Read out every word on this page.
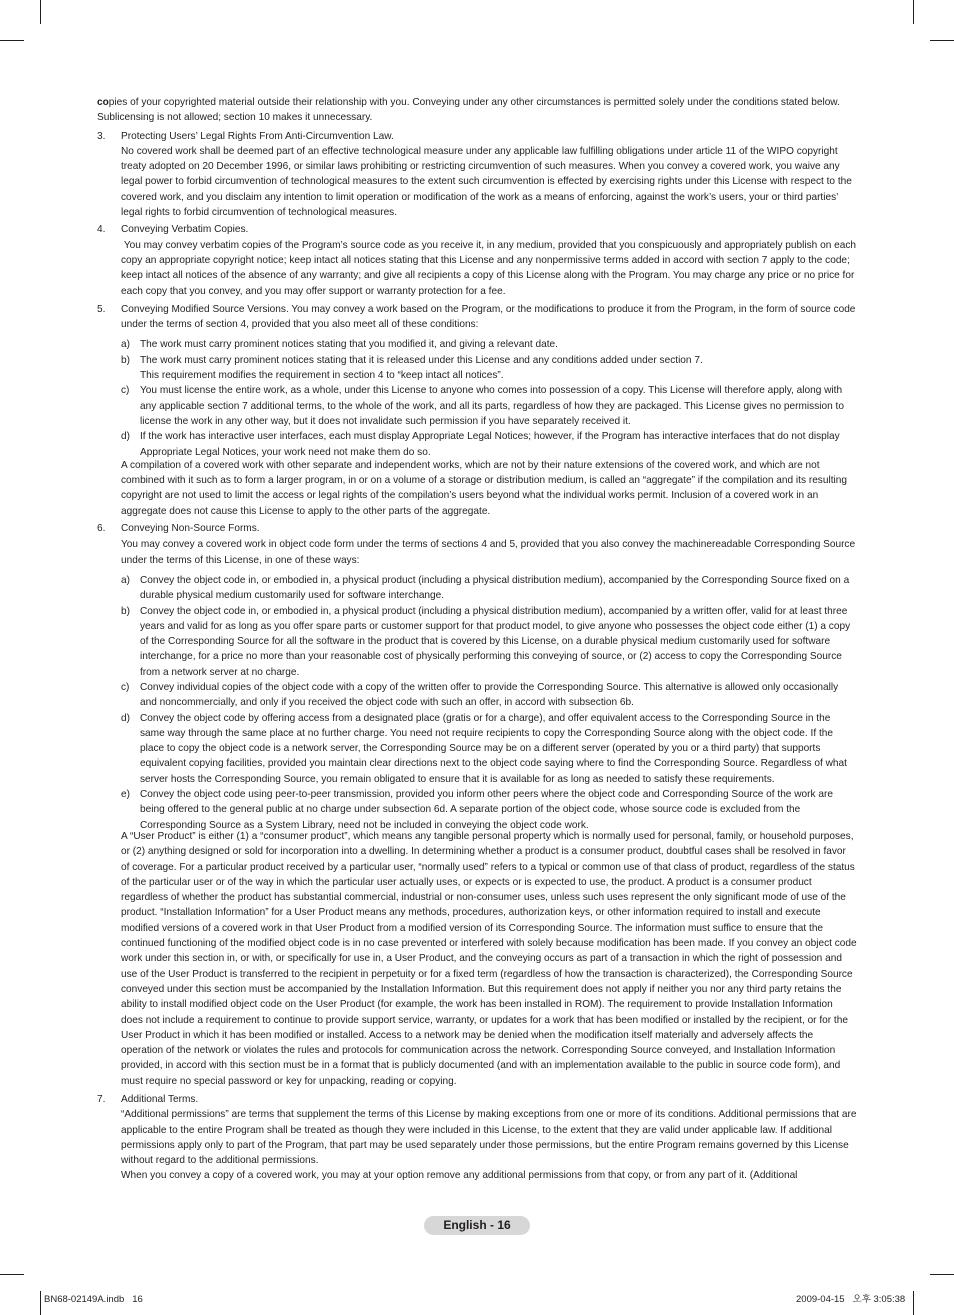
copies of your copyrighted material outside their relationship with you. Conveying under any other circumstances is permitted solely under the conditions stated below. Sublicensing is not allowed; section 10 makes it unnecessary.

3. Protecting Users’ Legal Rights From Anti-Circumvention Law.
No covered work shall be deemed part of an effective technological measure under any applicable law fulfilling obligations under article 11 of the WIPO copyright treaty adopted on 20 December 1996, or similar laws prohibiting or restricting circumvention of such measures. When you convey a covered work, you waive any legal power to forbid circumvention of technological measures to the extent such circumvention is effected by exercising rights under this License with respect to the covered work, and you disclaim any intention to limit operation or modification of the work as a means of enforcing, against the work’s users, your or third parties’ legal rights to forbid circumvention of technological measures.
4. Conveying Verbatim Copies.
You may convey verbatim copies of the Program’s source code as you receive it, in any medium, provided that you conspicuously and appropriately publish on each copy an appropriate copyright notice; keep intact all notices stating that this License and any nonpermissive terms added in accord with section 7 apply to the code; keep intact all notices of the absence of any warranty; and give all recipients a copy of this License along with the Program. You may charge any price or no price for each copy that you convey, and you may offer support or warranty protection for a fee.
5. Conveying Modified Source Versions. You may convey a work based on the Program, or the modifications to produce it from the Program, in the form of source code under the terms of section 4, provided that you also meet all of these conditions:
a) The work must carry prominent notices stating that you modified it, and giving a relevant date.
b) The work must carry prominent notices stating that it is released under this License and any conditions added under section 7.
This requirement modifies the requirement in section 4 to “keep intact all notices”.
c) You must license the entire work, as a whole, under this License to anyone who comes into possession of a copy. This License will therefore apply, along with any applicable section 7 additional terms, to the whole of the work, and all its parts, regardless of how they are packaged. This License gives no permission to license the work in any other way, but it does not invalidate such permission if you have separately received it.
d) If the work has interactive user interfaces, each must display Appropriate Legal Notices; however, if the Program has interactive interfaces that do not display Appropriate Legal Notices, your work need not make them do so.

A compilation of a covered work with other separate and independent works, which are not by their nature extensions of the covered work, and which are not combined with it such as to form a larger program, in or on a volume of a storage or distribution medium, is called an “aggregate” if the compilation and its resulting copyright are not used to limit the access or legal rights of the compilation’s users beyond what the individual works permit. Inclusion of a covered work in an aggregate does not cause this License to apply to the other parts of the aggregate.

6. Conveying Non-Source Forms.
You may convey a covered work in object code form under the terms of sections 4 and 5, provided that you also convey the machinereadable Corresponding Source under the terms of this License, in one of these ways:
a) Convey the object code in, or embodied in, a physical product (including a physical distribution medium), accompanied by the Corresponding Source fixed on a durable physical medium customarily used for software interchange.
b) Convey the object code in, or embodied in, a physical product (including a physical distribution medium), accompanied by a written offer, valid for at least three years and valid for as long as you offer spare parts or customer support for that product model, to give anyone who possesses the object code either (1) a copy of the Corresponding Source for all the software in the product that is covered by this License, on a durable physical medium customarily used for software interchange, for a price no more than your reasonable cost of physically performing this conveying of source, or (2) access to copy the Corresponding Source from a network server at no charge.
c) Convey individual copies of the object code with a copy of the written offer to provide the Corresponding Source. This alternative is allowed only occasionally and noncommercially, and only if you received the object code with such an offer, in accord with subsection 6b.
d) Convey the object code by offering access from a designated place (gratis or for a charge), and offer equivalent access to the Corresponding Source in the same way through the same place at no further charge. You need not require recipients to copy the Corresponding Source along with the object code. If the place to copy the object code is a network server, the Corresponding Source may be on a different server (operated by you or a third party) that supports equivalent copying facilities, provided you maintain clear directions next to the object code saying where to find the Corresponding Source. Regardless of what server hosts the Corresponding Source, you remain obligated to ensure that it is available for as long as needed to satisfy these requirements.
e) Convey the object code using peer-to-peer transmission, provided you inform other peers where the object code and Corresponding Source of the work are being offered to the general public at no charge under subsection 6d. A separate portion of the object code, whose source code is excluded from the Corresponding Source as a System Library, need not be included in conveying the object code work.

A “User Product” is either (1) a “consumer product”, which means any tangible personal property which is normally used for personal, family, or household purposes, or (2) anything designed or sold for incorporation into a dwelling. In determining whether a product is a consumer product, doubtful cases shall be resolved in favor of coverage. For a particular product received by a particular user, “normally used” refers to a typical or common use of that class of product, regardless of the status of the particular user or of the way in which the particular user actually uses, or expects or is expected to use, the product. A product is a consumer product regardless of whether the product has substantial commercial, industrial or non-consumer uses, unless such uses represent the only significant mode of use of the product. “Installation Information” for a User Product means any methods, procedures, authorization keys, or other information required to install and execute modified versions of a covered work in that User Product from a modified version of its Corresponding Source. The information must suffice to ensure that the continued functioning of the modified object code is in no case prevented or interfered with solely because modification has been made. If you convey an object code work under this section in, or with, or specifically for use in, a User Product, and the conveying occurs as part of a transaction in which the right of possession and use of the User Product is transferred to the recipient in perpetuity or for a fixed term (regardless of how the transaction is characterized), the Corresponding Source conveyed under this section must be accompanied by the Installation Information. But this requirement does not apply if neither you nor any third party retains the ability to install modified object code on the User Product (for example, the work has been installed in ROM). The requirement to provide Installation Information does not include a requirement to continue to provide support service, warranty, or updates for a work that has been modified or installed by the recipient, or for the User Product in which it has been modified or installed. Access to a network may be denied when the modification itself materially and adversely affects the operation of the network or violates the rules and protocols for communication across the network. Corresponding Source conveyed, and Installation Information provided, in accord with this section must be in a format that is publicly documented (and with an implementation available to the public in source code form), and must require no special password or key for unpacking, reading or copying.

7. Additional Terms.
“Additional permissions” are terms that supplement the terms of this License by making exceptions from one or more of its conditions. Additional permissions that are applicable to the entire Program shall be treated as though they were included in this License, to the extent that they are valid under applicable law. If additional permissions apply only to part of the Program, that part may be used separately under those permissions, but the entire Program remains governed by this License without regard to the additional permissions.
When you convey a copy of a covered work, you may at your option remove any additional permissions from that copy, or from any part of it. (Additional
English - 16
BN68-02149A.indb   16	2009-04-15   오후 3:05:38
